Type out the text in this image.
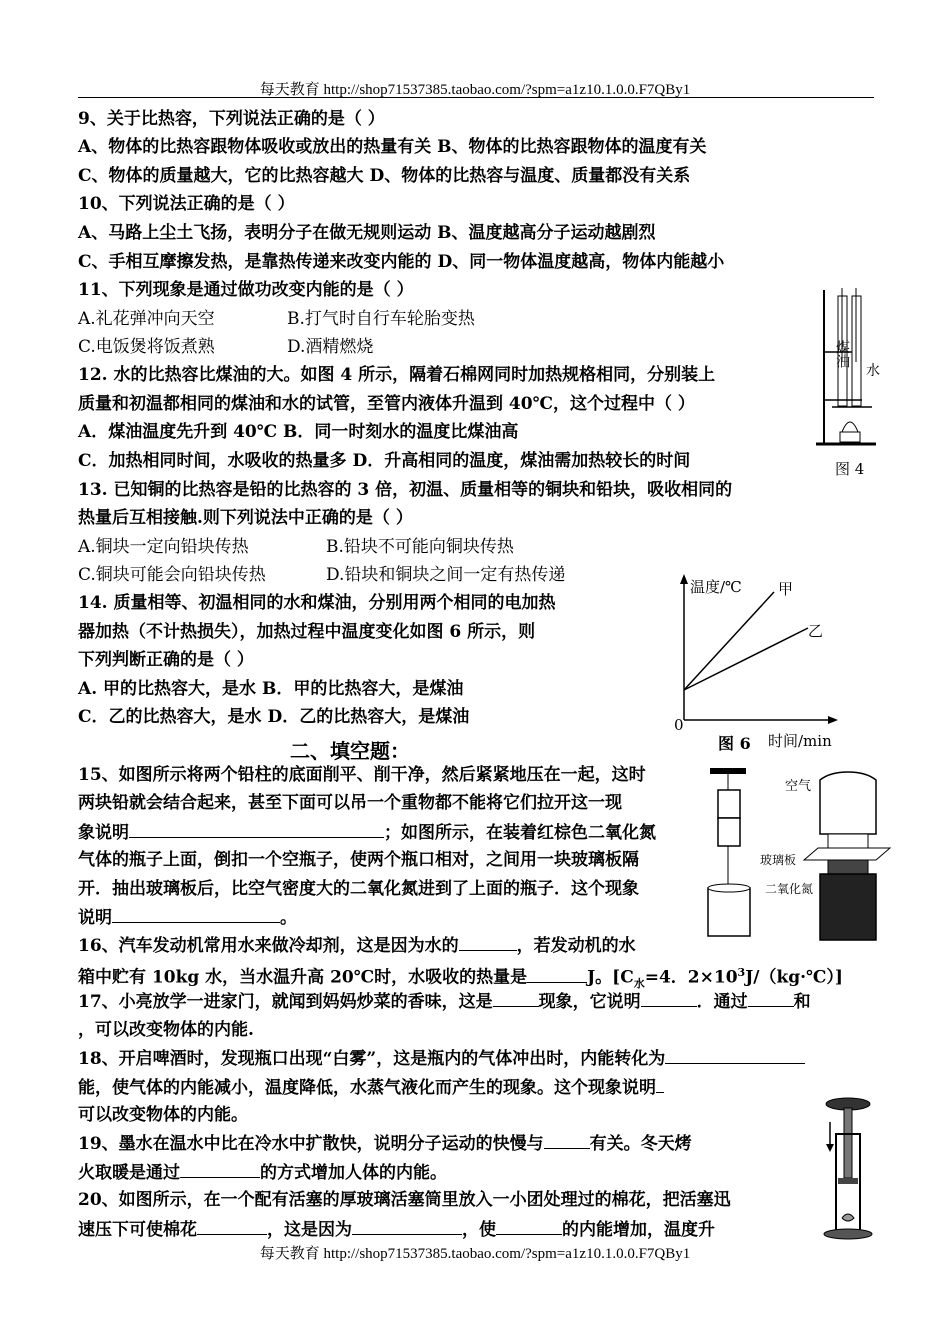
每天教育 http://shop71537385.taobao.com/?spm=a1z10.1.0.0.F7QBy1
9、关于比热容，下列说法正确的是（ ）
A、物体的比热容跟物体吸收或放出的热量有关 B、物体的比热容跟物体的温度有关
C、物体的质量越大，它的比热容越大 D、物体的比热容与温度、质量都没有关系
10、下列说法正确的是（ ）
A、马路上尘土飞扬，表明分子在做无规则运动 B、温度越高分子运动越剧烈
C、手相互摩擦发热，是靠热传递来改变内能的 D、同一物体温度越高，物体内能越小
11、下列现象是通过做功改变内能的是（ ）
A.礼花弹冲向天空	B.打气时自行车轮胎变热
C.电饭煲将饭煮熟	D.酒精燃烧
12. 水的比热容比煤油的大。如图 4 所示，隔着石棉网同时加热规格相同，分别装上
质量和初温都相同的煤油和水的试管，至管内液体升温到 40℃，这个过程中（ ）
A．煤油温度先升到 40℃ B．同一时刻水的温度比煤油高
C．加热相同时间，水吸收的热量多 D．升高相同的温度，煤油需加热较长的时间
煤油
水
图 4
13. 已知铜的比热容是铅的比热容的 3 倍，初温、质量相等的铜块和铅块，吸收相同的
热量后互相接触.则下列说法中正确的是（ ）
A.铜块一定向铅块传热	B.铅块不可能向铜块传热
C.铜块可能会向铅块传热	D.铅块和铜块之间一定有热传递
14. 质量相等、初温相同的水和煤油，分别用两个相同的电加热
器加热（不计热损失），加热过程中温度变化如图 6 所示，则
下列判断正确的是（ ）
A. 甲的比热容大，是水 B．甲的比热容大，是煤油
C．乙的比热容大，是水 D．乙的比热容大，是煤油
温度/℃ 甲
乙
0
图 6 时间/min
二、填空题：
15、如图所示将两个铅柱的底面削平、削干净，然后紧紧地压在一起，这时
两块铅就会结合起来，甚至下面可以吊一个重物都不能将它们拉开这一现
象说明	；如图所示，在装着红棕色二氧化氮
气体的瓶子上面，倒扣一个空瓶子，使两个瓶口相对，之间用一块玻璃板隔
开．抽出玻璃板后，比空气密度大的二氧化氮进到了上面的瓶子．这个现象
说明	。
空气
玻璃板
二氧化氮
16、汽车发动机常用水来做冷却剂，这是因为水的	，若发动机的水
箱中贮有 10kg 水，当水温升高 20℃时，水吸收的热量是	J。[$C_水=4$．$2\times 10^3J/(kg\cdot℃)$]
17、小亮放学一进家门，就闻到妈妈炒菜的香味，这是	现象，它说明	．通过	和
，可以改变物体的内能.
18、开启啤酒时，发现瓶口出现“白雾”，这是瓶内的气体冲出时，内能转化为
能，使气体的内能减小，温度降低，水蒸气液化而产生的现象。这个现象说明
可以改变物体的内能。
19、墨水在温水中比在冷水中扩散快，说明分子运动的快慢与	有关。冬天烤
火取暖是通过	的方式增加人体的内能。
20、如图所示，在一个配有活塞的厚玻璃活塞筒里放入一小团处理过的棉花，把活塞迅
速压下可使棉花	，这是因为	，使	的内能增加，温度升
每天教育 http://shop71537385.taobao.com/?spm=a1z10.1.0.0.F7QBy1
